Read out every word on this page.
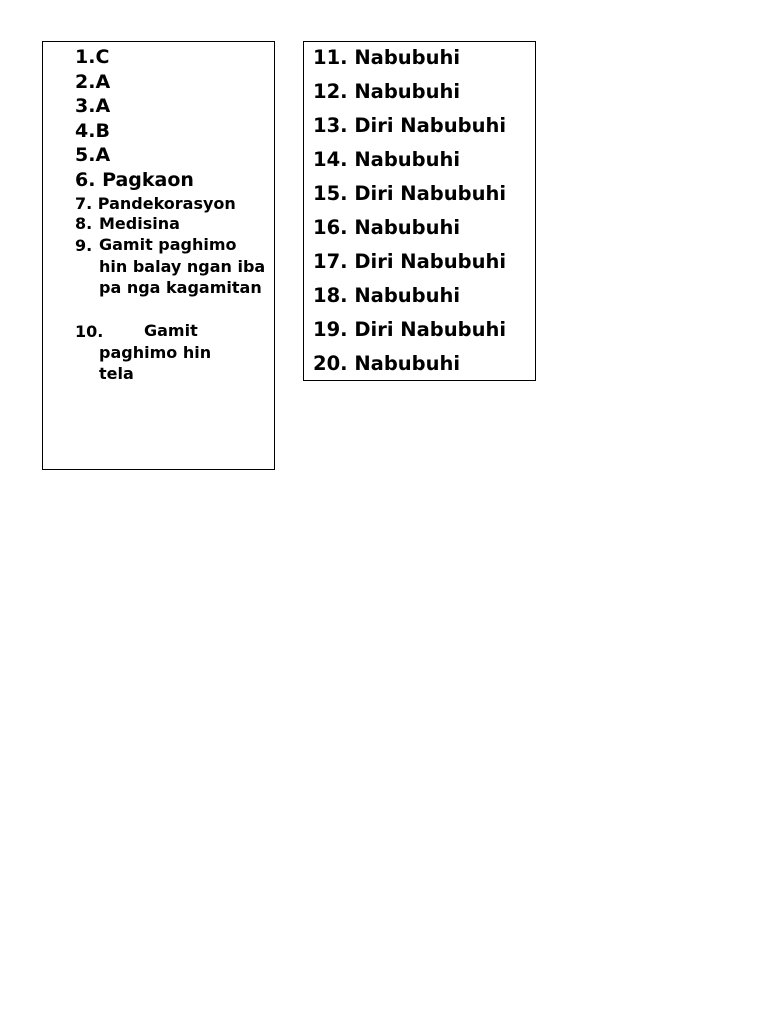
1.C
2.A
3.A
4.B
5.A
6. Pagkaon
7. Pandekorasyon
8. Medisina
9. Gamit paghimo hin balay ngan iba pa nga kagamitan
10.	Gamit paghimo hin tela
11. Nabubuhi
12. Nabubuhi
13. Diri Nabubuhi
14. Nabubuhi
15. Diri Nabubuhi
16. Nabubuhi
17. Diri Nabubuhi
18. Nabubuhi
19. Diri Nabubuhi
20. Nabubuhi
